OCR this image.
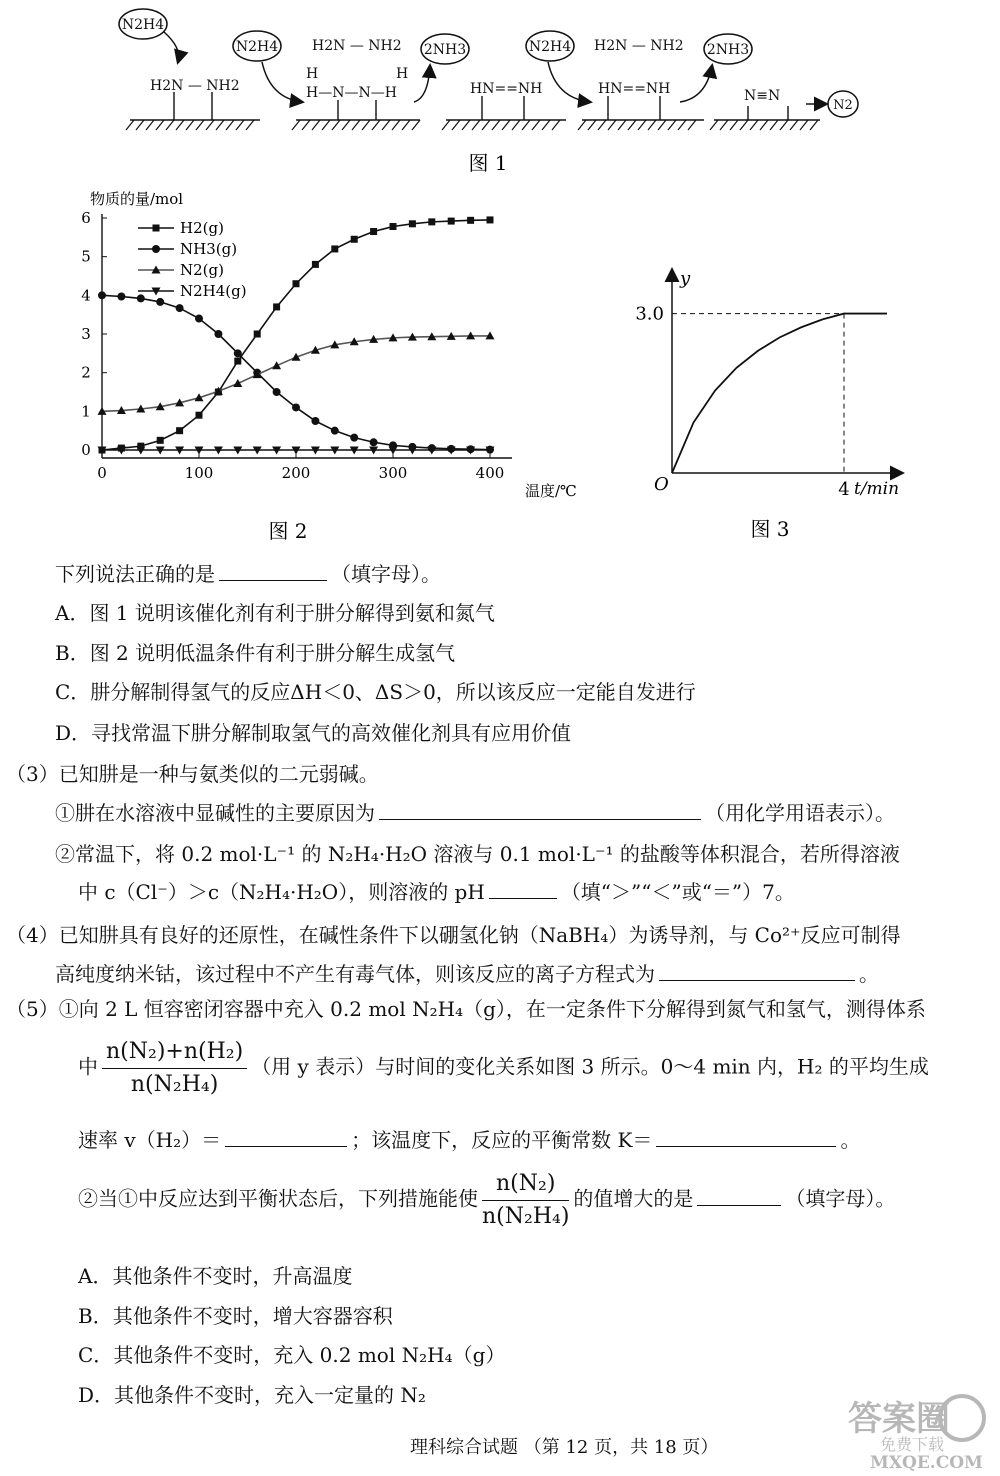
N2H4
H2N — NH2
N2H4 H2N — NH2
H	H
H—N—N—H
2NH3
HN==NH
N2H4 H2N — NH2
HN==NH
2NH3
N≡N
N2
图 1
物质的量/mol
温度/℃
图 2
0
1
2
3
4
5
6
0	100	200	300	400
H2(g)
NH3(g)
N2(g)
N2H4(g)
y
t/min
O
3.0
4
图 3
下列说法正确的是	（填字母）。
A．图 1 说明该催化剂有利于肼分解得到氨和氮气
B．图 2 说明低温条件有利于肼分解生成氢气
C．肼分解制得氢气的反应ΔH＜0、ΔS＞0，所以该反应一定能自发进行
D．寻找常温下肼分解制取氢气的高效催化剂具有应用价值
（3）已知肼是一种与氨类似的二元弱碱。
①肼在水溶液中显碱性的主要原因为	（用化学用语表示）。
②常温下，将 0.2 mol·L⁻¹ 的 N₂H₄·H₂O 溶液与 0.1 mol·L⁻¹ 的盐酸等体积混合，若所得溶液
中 c（Cl⁻）＞c（N₂H₄·H₂O），则溶液的 pH	（填“＞”“＜”或“＝”）7。
（4）已知肼具有良好的还原性，在碱性条件下以硼氢化钠（NaBH₄）为诱导剂，与 Co²⁺反应可制得
高纯度纳米钴，该过程中不产生有毒气体，则该反应的离子方程式为	。
（5）①向 2 L 恒容密闭容器中充入 0.2 mol N₂H₄（g），在一定条件下分解得到氮气和氢气，测得体系
中 $\frac{\text{n(N₂)+n(H₂)}}{\text{n(N₂H₄)}}$ （用 y 表示）与时间的变化关系如图 3 所示。0～4 min 内，H₂ 的平均生成
速率 v（H₂）＝	；该温度下，反应的平衡常数 K＝	。
②当①中反应达到平衡状态后，下列措施能使 $\frac{\text{n(N₂)}}{\text{n(N₂H₄)}}$ 的值增大的是	（填字母）。
A．其他条件不变时，升高温度
B．其他条件不变时，增大容器容积
C．其他条件不变时，充入 0.2 mol N₂H₄（g）
D．其他条件不变时，充入一定量的 N₂
理科综合试题 （第 12 页，共 18 页）
答案圈
免费下载
MXQE.COM
